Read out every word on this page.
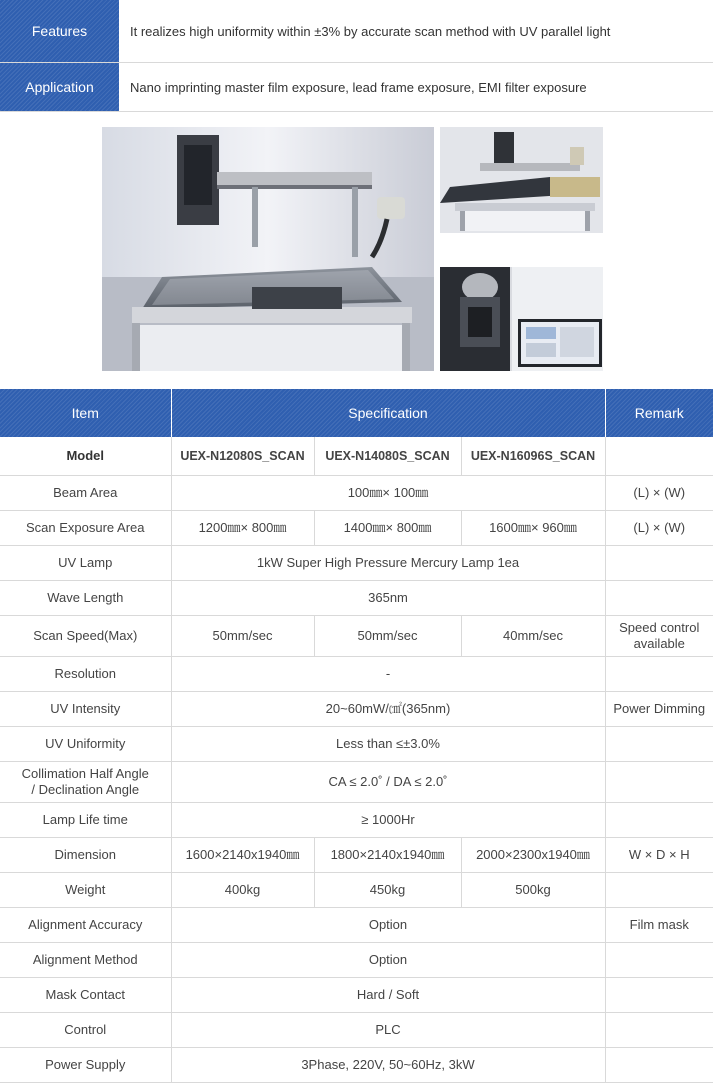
Features	It realizes high uniformity within ±3% by accurate scan method with UV parallel light
Application	Nano imprinting master film exposure, lead frame exposure, EMI filter exposure
Item	Specification			Remark
Model	UEX-N12080S_SCAN	UEX-N14080S_SCAN	UEX-N16096S_SCAN	
Beam Area	100㎜× 100㎜			(L) × (W)
Scan Exposure Area	1200㎜× 800㎜	1400㎜× 800㎜	1600㎜× 960㎜	(L) × (W)
UV Lamp	1kW Super High Pressure Mercury Lamp 1ea			
Wave Length	365nm			
Scan Speed(Max)	50mm/sec	50mm/sec	40mm/sec	Speed control
available

Resolution	-			
UV Intensity	20~60mW/㎠(365nm)			Power Dimming
UV Uniformity	Less than ≤±3.0%			

Collimation Half Angle
/ Declination Angle	CA ≤ 2.0˚ / DA ≤ 2.0˚			
Lamp Life time	≥ 1000Hr			
Dimension	1600×2140x1940㎜	1800×2140x1940㎜	2000×2300x1940㎜	W × D × H
Weight	400kg	450kg	500kg	
Alignment Accuracy	Option			Film mask
Alignment Method	Option			
Mask Contact	Hard / Soft			
Control	PLC			
Power Supply	3Phase, 220V, 50~60Hz, 3kW			
